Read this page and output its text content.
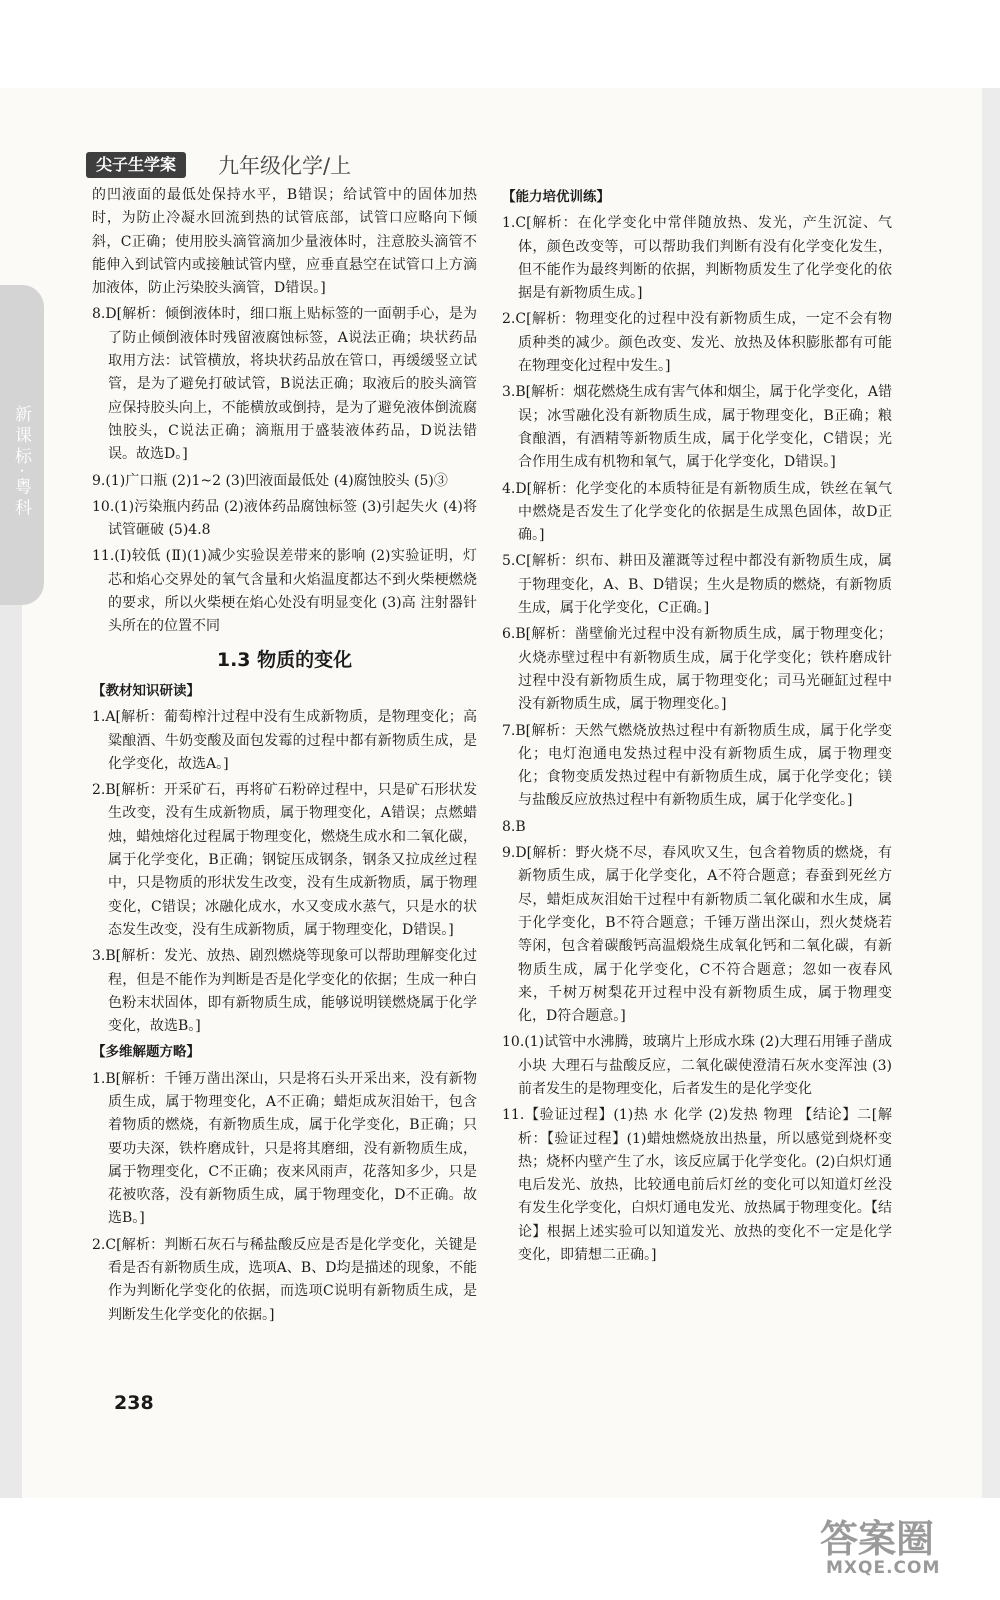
新课标·粤科
尖子生学案	九年级化学/上

的凹液面的最低处保持水平，B错误；给试管中的固体加热时，为防止冷凝水回流到热的试管底部，试管口应略向下倾斜，C正确；使用胶头滴管滴加少量液体时，注意胶头滴管不能伸入到试管内或接触试管内壁，应垂直悬空在试管口上方滴加液体，防止污染胶头滴管，D错误。]

8.D[解析：倾倒液体时，细口瓶上贴标签的一面朝手心，是为了防止倾倒液体时残留液腐蚀标签，A说法正确；块状药品取用方法：试管横放，将块状药品放在管口，再缓缓竖立试管，是为了避免打破试管，B说法正确；取液后的胶头滴管应保持胶头向上，不能横放或倒持，是为了避免液体倒流腐蚀胶头，C说法正确；滴瓶用于盛装液体药品，D说法错误。故选D。]

9.(1)广口瓶 (2)1~2 (3)凹液面最低处 (4)腐蚀胶头 (5)③

10.(1)污染瓶内药品 (2)液体药品腐蚀标签 (3)引起失火 (4)将试管砸破 (5)4.8

11.(Ⅰ)较低 (Ⅱ)(1)减少实验误差带来的影响 (2)实验证明，灯芯和焰心交界处的氧气含量和火焰温度都达不到火柴梗燃烧的要求，所以火柴梗在焰心处没有明显变化 (3)高 注射器针头所在的位置不同

1.3 物质的变化
【教材知识研读】

1.A[解析：葡萄榨汁过程中没有生成新物质，是物理变化；高粱酿酒、牛奶变酸及面包发霉的过程中都有新物质生成，是化学变化，故选A。]

2.B[解析：开采矿石，再将矿石粉碎过程中，只是矿石形状发生改变，没有生成新物质，属于物理变化，A错误；点燃蜡烛，蜡烛熔化过程属于物理变化，燃烧生成水和二氧化碳，属于化学变化，B正确；钢锭压成钢条，钢条又拉成丝过程中，只是物质的形状发生改变，没有生成新物质，属于物理变化，C错误；冰融化成水，水又变成水蒸气，只是水的状态发生改变，没有生成新物质，属于物理变化，D错误。]

3.B[解析：发光、放热、剧烈燃烧等现象可以帮助理解变化过程，但是不能作为判断是否是化学变化的依据；生成一种白色粉末状固体，即有新物质生成，能够说明镁燃烧属于化学变化，故选B。]

【多维解题方略】

1.B[解析：千锤万凿出深山，只是将石头开采出来，没有新物质生成，属于物理变化，A不正确；蜡炬成灰泪始干，包含着物质的燃烧，有新物质生成，属于化学变化，B正确；只要功夫深，铁杵磨成针，只是将其磨细，没有新物质生成，属于物理变化，C不正确；夜来风雨声，花落知多少，只是花被吹落，没有新物质生成，属于物理变化，D不正确。故选B。]

2.C[解析：判断石灰石与稀盐酸反应是否是化学变化，关键是看是否有新物质生成，选项A、B、D均是描述的现象，不能作为判断化学变化的依据，而选项C说明有新物质生成，是判断发生化学变化的依据。]

【能力培优训练】

1.C[解析：在化学变化中常伴随放热、发光，产生沉淀、气体，颜色改变等，可以帮助我们判断有没有化学变化发生，但不能作为最终判断的依据，判断物质发生了化学变化的依据是有新物质生成。]

2.C[解析：物理变化的过程中没有新物质生成，一定不会有物质种类的减少。颜色改变、发光、放热及体积膨胀都有可能在物理变化过程中发生。]

3.B[解析：烟花燃烧生成有害气体和烟尘，属于化学变化，A错误；冰雪融化没有新物质生成，属于物理变化，B正确；粮食酿酒，有酒精等新物质生成，属于化学变化，C错误；光合作用生成有机物和氧气，属于化学变化，D错误。]

4.D[解析：化学变化的本质特征是有新物质生成，铁丝在氧气中燃烧是否发生了化学变化的依据是生成黑色固体，故D正确。]

5.C[解析：织布、耕田及灌溉等过程中都没有新物质生成，属于物理变化，A、B、D错误；生火是物质的燃烧，有新物质生成，属于化学变化，C正确。]

6.B[解析：凿壁偷光过程中没有新物质生成，属于物理变化；火烧赤壁过程中有新物质生成，属于化学变化；铁杵磨成针过程中没有新物质生成，属于物理变化；司马光砸缸过程中没有新物质生成，属于物理变化。]

7.B[解析：天然气燃烧放热过程中有新物质生成，属于化学变化；电灯泡通电发热过程中没有新物质生成，属于物理变化；食物变质发热过程中有新物质生成，属于化学变化；镁与盐酸反应放热过程中有新物质生成，属于化学变化。]

8.B

9.D[解析：野火烧不尽，春风吹又生，包含着物质的燃烧，有新物质生成，属于化学变化，A不符合题意；春蚕到死丝方尽，蜡炬成灰泪始干过程中有新物质二氧化碳和水生成，属于化学变化，B不符合题意；千锤万凿出深山，烈火焚烧若等闲，包含着碳酸钙高温煅烧生成氧化钙和二氧化碳，有新物质生成，属于化学变化，C不符合题意；忽如一夜春风来，千树万树梨花开过程中没有新物质生成，属于物理变化，D符合题意。]

10.(1)试管中水沸腾，玻璃片上形成水珠 (2)大理石用锤子凿成小块 大理石与盐酸反应，二氧化碳使澄清石灰水变浑浊 (3)前者发生的是物理变化，后者发生的是化学变化

11.【验证过程】(1)热 水 化学 (2)发热 物理 【结论】二[解析：【验证过程】(1)蜡烛燃烧放出热量，所以感觉到烧杯变热；烧杯内壁产生了水，该反应属于化学变化。(2)白炽灯通电后发光、放热，比较通电前后灯丝的变化可以知道灯丝没有发生化学变化，白炽灯通电发光、放热属于物理变化。【结论】根据上述实验可以知道发光、放热的变化不一定是化学变化，即猜想二正确。]

238
答案圈
MXQE.COM
